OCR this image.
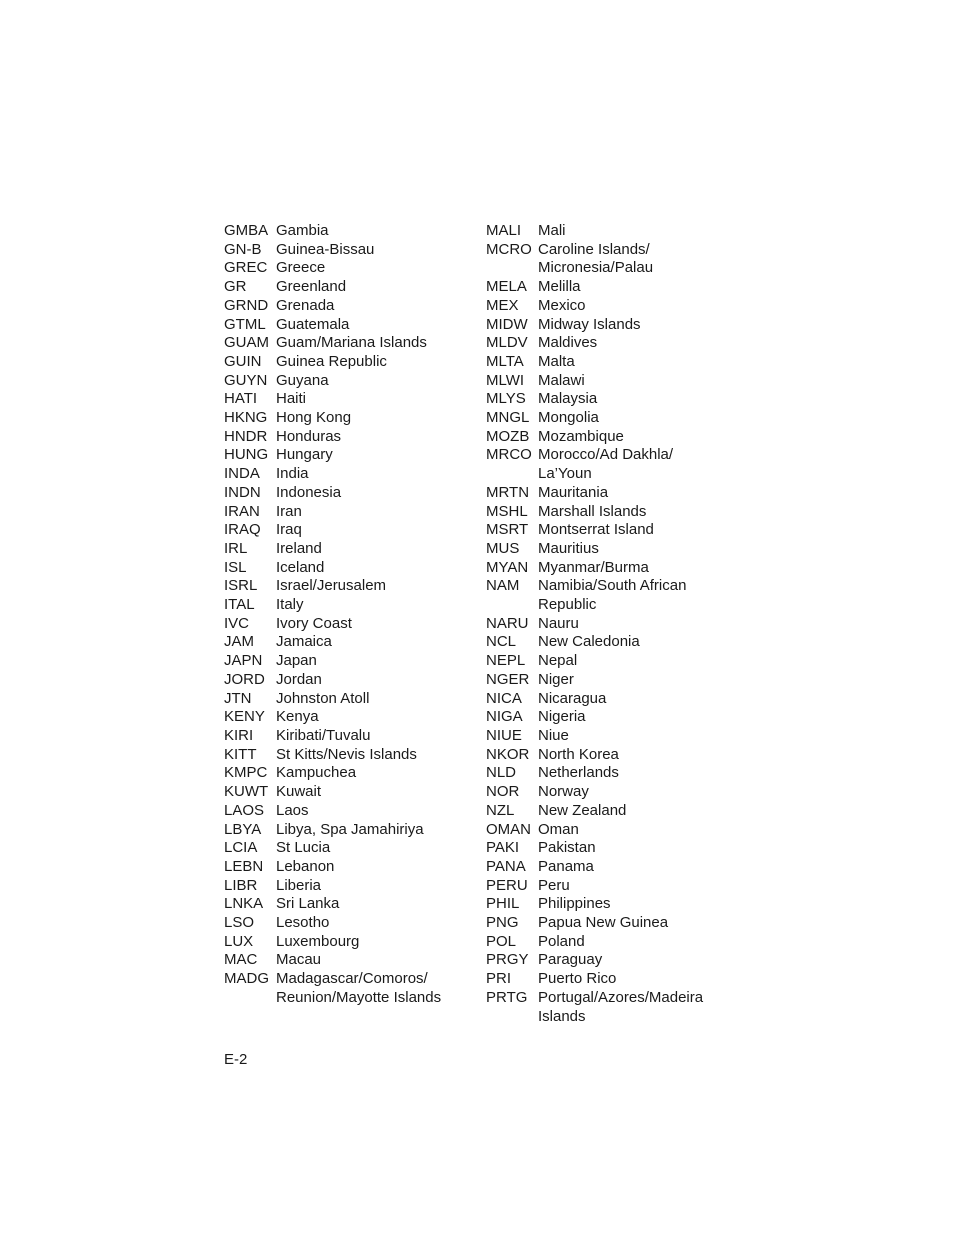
GMBA Gambia
GN-B Guinea-Bissau
GREC Greece
GR	Greenland
GRND Grenada
GTML Guatemala
GUAM Guam/Mariana Islands
GUIN Guinea Republic
GUYN Guyana
HATI	Haiti
HKNG Hong Kong
HNDR Honduras
HUNG Hungary
INDA	India
INDN	Indonesia
IRAN	Iran
IRAQ	Iraq
IRL	Ireland
ISL	Iceland
ISRL	Israel/Jerusalem
ITAL	Italy
IVC	Ivory Coast
JAM	Jamaica
JAPN Japan
JORD Jordan
JTN	Johnston Atoll
KENY Kenya
KIRI	Kiribati/Tuvalu
KITT	St Kitts/Nevis Islands
KMPC Kampuchea
KUWT Kuwait
LAOS Laos
LBYA Libya, Spa Jamahiriya
LCIA	St Lucia
LEBN Lebanon
LIBR	Liberia
LNKA Sri Lanka
LSO	Lesotho
LUX	Luxembourg
MAC	Macau
MADG Madagascar/Comoros/
Reunion/Mayotte Islands
MALI	Mali
MCRO Caroline Islands/
Micronesia/Palau
MELA Melilla
MEX	Mexico
MIDW Midway Islands
MLDV Maldives
MLTA Malta
MLWI Malawi
MLYS Malaysia
MNGL Mongolia
MOZB Mozambique
MRCO Morocco/Ad Dakhla/
La’Youn
MRTN Mauritania
MSHL Marshall Islands
MSRT Montserrat Island
MUS	Mauritius
MYAN Myanmar/Burma
NAM	Namibia/South African
Republic
NARU Nauru
NCL	New Caledonia
NEPL Nepal
NGER Niger
NICA	Nicaragua
NIGA	Nigeria
NIUE	Niue
NKOR North Korea
NLD	Netherlands
NOR	Norway
NZL	New Zealand
OMAN Oman
PAKI	Pakistan
PANA Panama
PERU Peru
PHIL	Philippines
PNG	Papua New Guinea
POL	Poland
PRGY Paraguay
PRI	Puerto Rico
PRTG Portugal/Azores/Madeira
Islands
E-2
